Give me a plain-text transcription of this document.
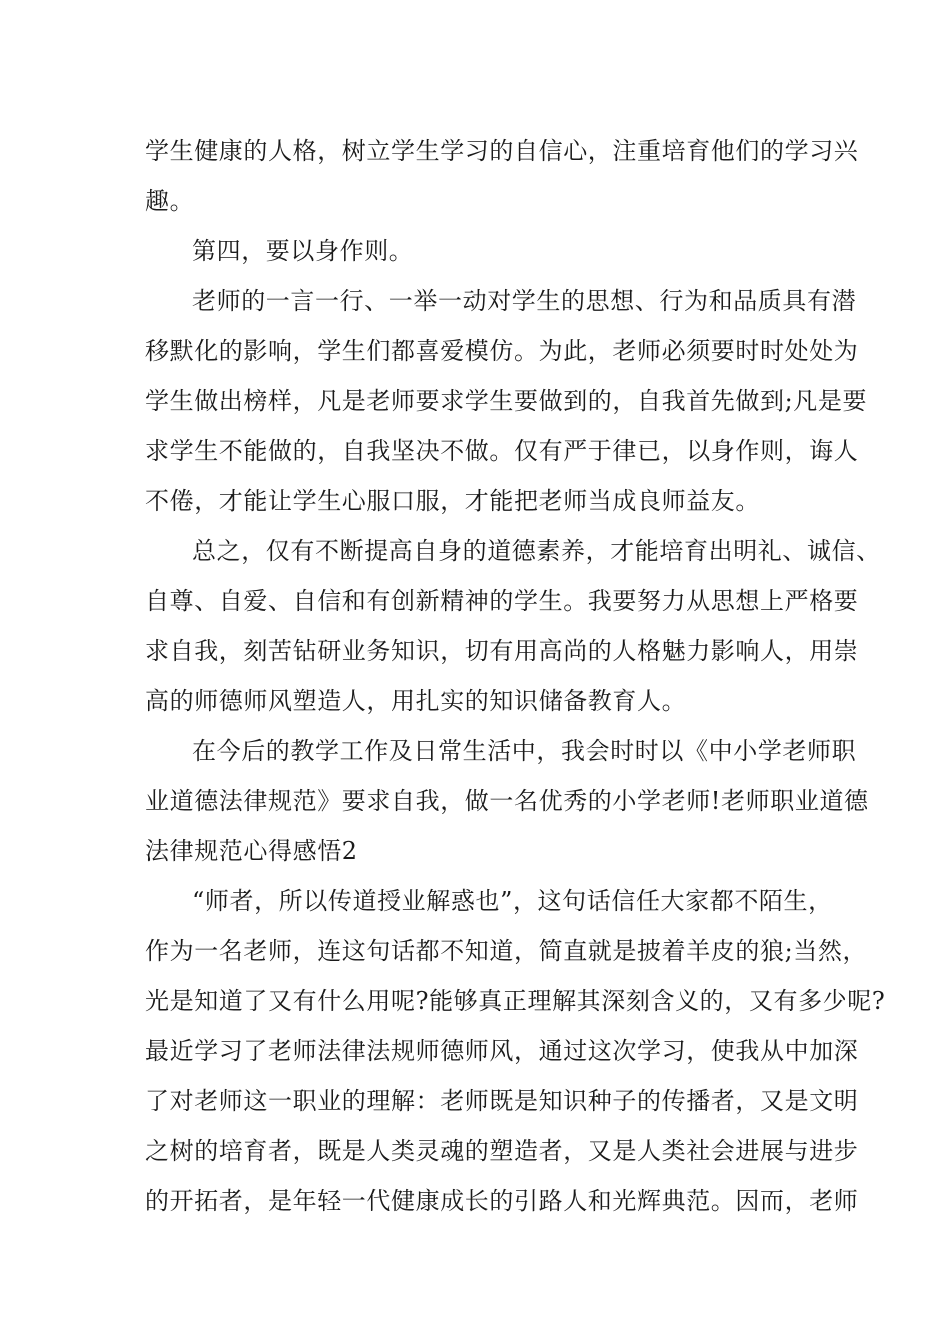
学生健康的人格，树立学生学习的自信心，注重培育他们的学习兴

趣。

第四，要以身作则。

老师的一言一行、一举一动对学生的思想、行为和品质具有潜

移默化的影响，学生们都喜爱模仿。为此，老师必须要时时处处为

学生做出榜样，凡是老师要求学生要做到的，自我首先做到;凡是要

求学生不能做的，自我坚决不做。仅有严于律已，以身作则，诲人

不倦，才能让学生心服口服，才能把老师当成良师益友。

总之，仅有不断提高自身的道德素养，才能培育出明礼、诚信、

自尊、自爱、自信和有创新精神的学生。我要努力从思想上严格要

求自我，刻苦钻研业务知识，切有用高尚的人格魅力影响人，用崇

高的师德师风塑造人，用扎实的知识储备教育人。

在今后的教学工作及日常生活中，我会时时以《中小学老师职

业道德法律规范》要求自我，做一名优秀的小学老师!老师职业道德

法律规范心得感悟2

“师者，所以传道授业解惑也”，这句话信任大家都不陌生，

作为一名老师，连这句话都不知道，简直就是披着羊皮的狼;当然，

光是知道了又有什么用呢?能够真正理解其深刻含义的，又有多少呢?

最近学习了老师法律法规师德师风，通过这次学习，使我从中加深

了对老师这一职业的理解：老师既是知识种子的传播者，又是文明

之树的培育者，既是人类灵魂的塑造者，又是人类社会进展与进步

的开拓者，是年轻一代健康成长的引路人和光辉典范。因而，老师
